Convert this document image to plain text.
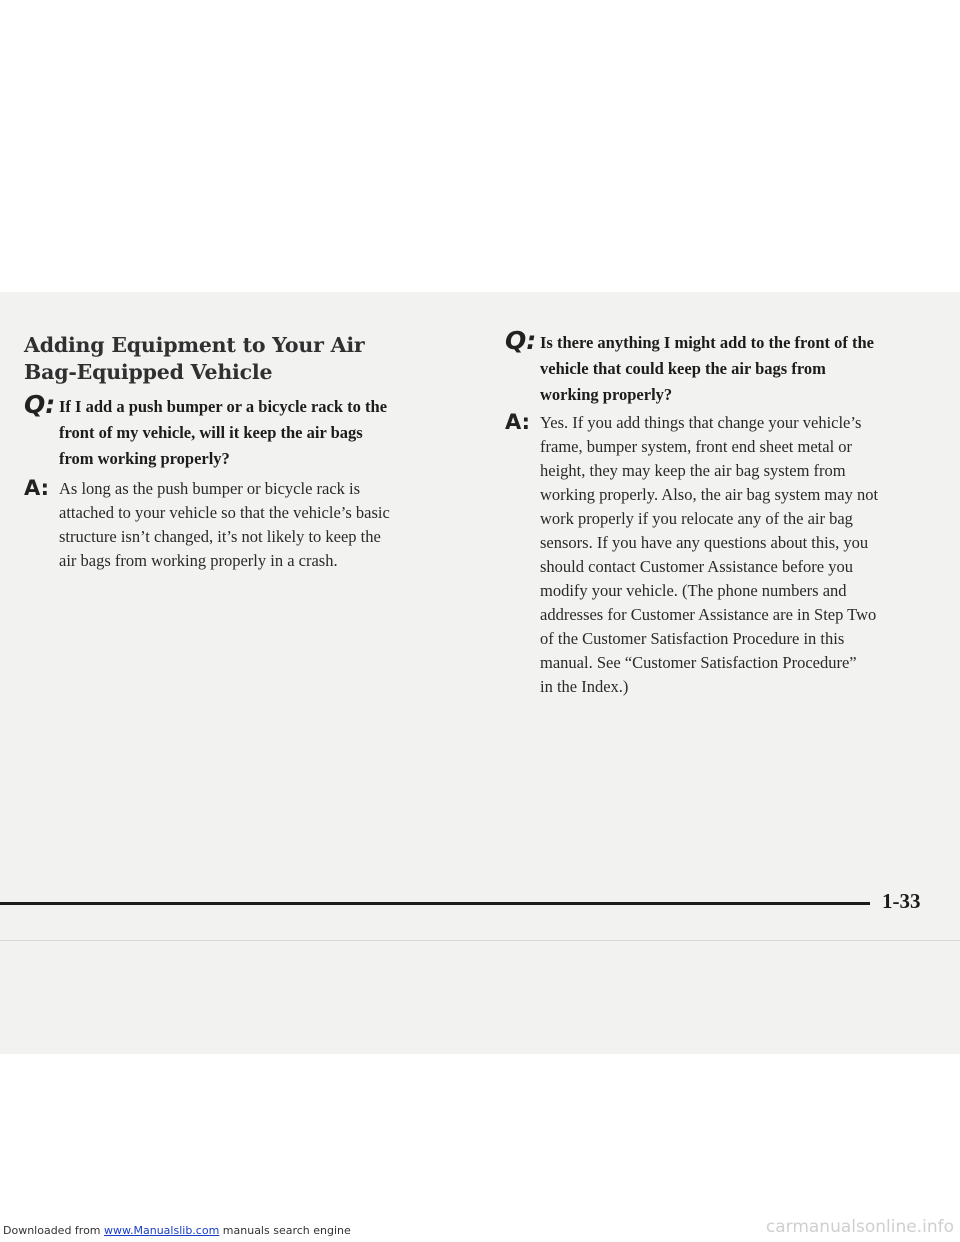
Adding Equipment to Your Air
Bag-Equipped Vehicle
Q: If I add a push bumper or a bicycle rack to the
front of my vehicle, will it keep the air bags
from working properly?

A: As long as the push bumper or bicycle rack is
attached to your vehicle so that the vehicle’s basic
structure isn’t changed, it’s not likely to keep the
air bags from working properly in a crash.

Q: Is there anything I might add to the front of the
vehicle that could keep the air bags from
working properly?

A: Yes. If you add things that change your vehicle’s
frame, bumper system, front end sheet metal or
height, they may keep the air bag system from
working properly. Also, the air bag system may not
work properly if you relocate any of the air bag
sensors. If you have any questions about this, you
should contact Customer Assistance before you
modify your vehicle. (The phone numbers and
addresses for Customer Assistance are in Step Two
of the Customer Satisfaction Procedure in this
manual. See “Customer Satisfaction Procedure”
in the Index.)

1-33
Downloaded from www.Manualslib.com manuals search engine	carmanualsonline.info
